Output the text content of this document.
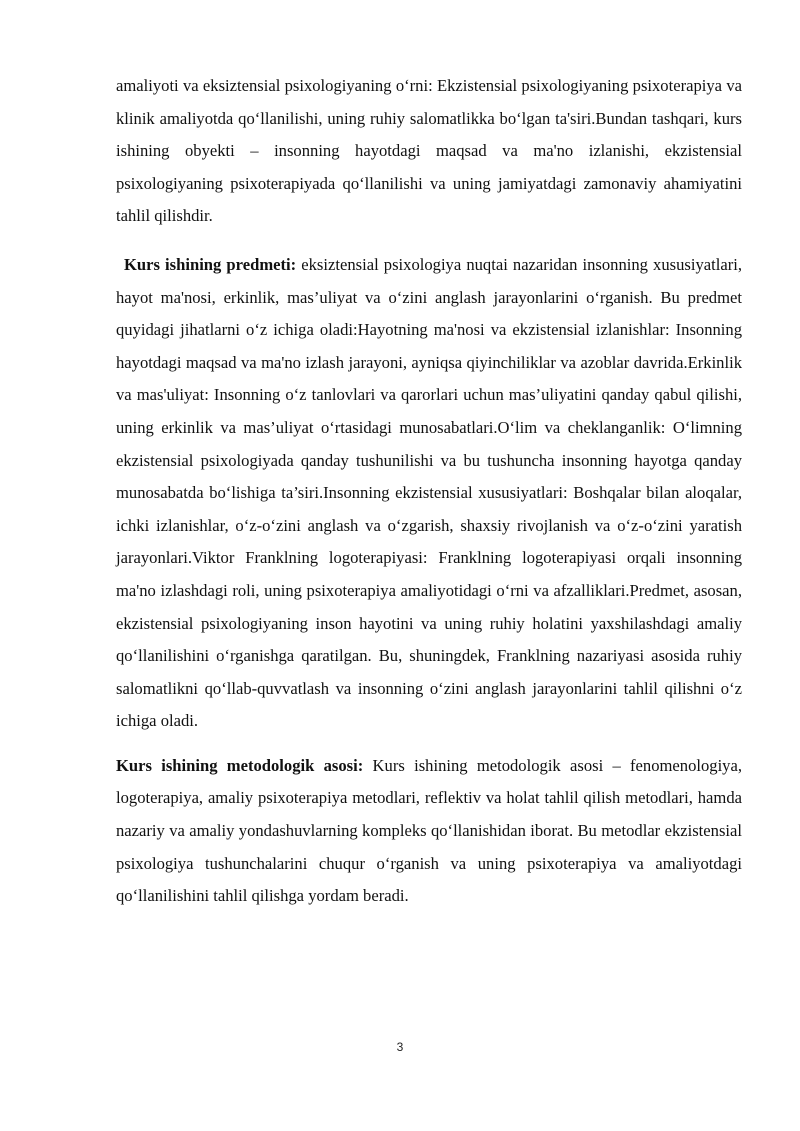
amaliyoti va eksiztensial psixologiyaning o‘rni: Ekzistensial psixologiyaning psixoterapiya va klinik amaliyotda qo‘llanilishi, uning ruhiy salomatlikka bo‘lgan ta'siri.Bundan tashqari, kurs ishining obyekti – insonning hayotdagi maqsad va ma'no izlanishi, ekzistensial psixologiyaning psixoterapiyada qo‘llanilishi va uning jamiyatdagi zamonaviy ahamiyatini tahlil qilishdir.

Kurs ishining predmeti: eksiztensial psixologiya nuqtai nazaridan insonning xususiyatlari, hayot ma'nosi, erkinlik, mas’uliyat va o‘zini anglash jarayonlarini o‘rganish. Bu predmet quyidagi jihatlarni o‘z ichiga oladi:Hayotning ma'nosi va ekzistensial izlanishlar: Insonning hayotdagi maqsad va ma'no izlash jarayoni, ayniqsa qiyinchiliklar va azoblar davrida.Erkinlik va mas'uliyat: Insonning o‘z tanlovlari va qarorlari uchun mas’uliyatini qanday qabul qilishi, uning erkinlik va mas’uliyat o‘rtasidagi munosabatlari.O‘lim va cheklanganlik: O‘limning ekzistensial psixologiyada qanday tushunilishi va bu tushuncha insonning hayotga qanday munosabatda bo‘lishiga ta’siri.Insonning ekzistensial xususiyatlari: Boshqalar bilan aloqalar, ichki izlanishlar, o‘z-o‘zini anglash va o‘zgarish, shaxsiy rivojlanish va o‘z-o‘zini yaratish jarayonlari.Viktor Franklning logoterapiyasi: Franklning logoterapiyasi orqali insonning ma'no izlashdagi roli, uning psixoterapiya amaliyotidagi o‘rni va afzalliklari.Predmet, asosan, ekzistensial psixologiyaning inson hayotini va uning ruhiy holatini yaxshilashdagi amaliy qo‘llanilishini o‘rganishga qaratilgan. Bu, shuningdek, Franklning nazariyasi asosida ruhiy salomatlikni qo‘llab-quvvatlash va insonning o‘zini anglash jarayonlarini tahlil qilishni o‘z ichiga oladi.

Kurs ishining metodologik asosi: Kurs ishining metodologik asosi – fenomenologiya, logoterapiya, amaliy psixoterapiya metodlari, reflektiv va holat tahlil qilish metodlari, hamda nazariy va amaliy yondashuvlarning kompleks qo‘llanishidan iborat. Bu metodlar ekzistensial psixologiya tushunchalarini chuqur o‘rganish va uning psixoterapiya va amaliyotdagi qo‘llanilishini tahlil qilishga yordam beradi.

3
